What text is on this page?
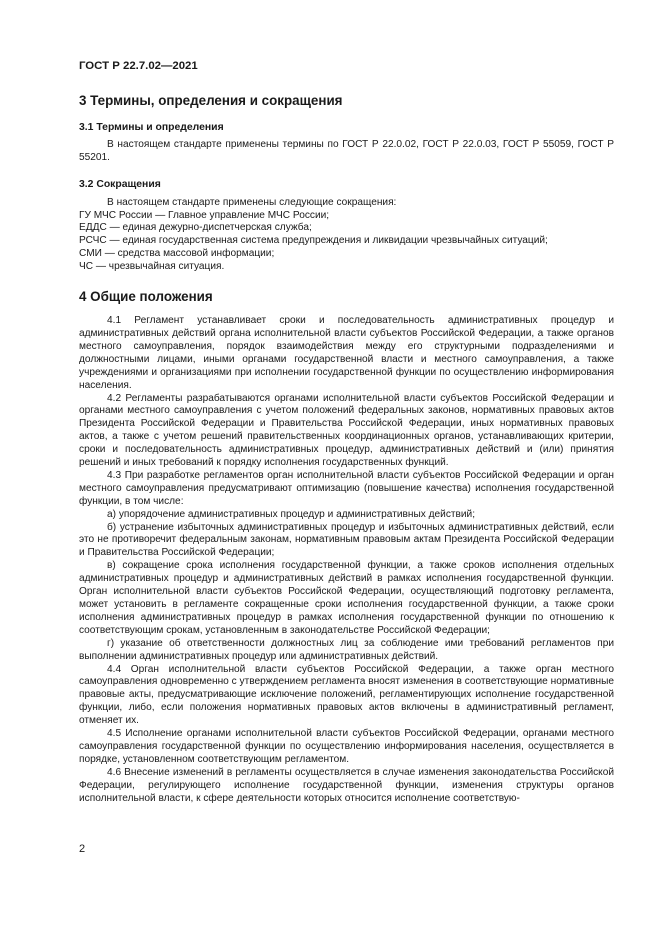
ГОСТ Р 22.7.02—2021

3 Термины, определения и сокращения

3.1 Термины и определения

В настоящем стандарте применены термины по ГОСТ Р 22.0.02, ГОСТ Р 22.0.03, ГОСТ Р 55059, ГОСТ Р 55201.

3.2 Сокращения

В настоящем стандарте применены следующие сокращения:

ГУ МЧС России — Главное управление МЧС России;

ЕДДС — единая дежурно-диспетчерская служба;

РСЧС — единая государственная система предупреждения и ликвидации чрезвычайных ситуаций;

СМИ — средства массовой информации;

ЧС — чрезвычайная ситуация.

4 Общие положения

4.1 Регламент устанавливает сроки и последовательность административных процедур и административных действий органа исполнительной власти субъектов Российской Федерации, а также органов местного самоуправления, порядок взаимодействия между его структурными подразделениями и должностными лицами, иными органами государственной власти и местного самоуправления, а также учреждениями и организациями при исполнении государственной функции по осуществлению информирования населения.

4.2 Регламенты разрабатываются органами исполнительной власти субъектов Российской Федерации и органами местного самоуправления с учетом положений федеральных законов, нормативных правовых актов Президента Российской Федерации и Правительства Российской Федерации, иных нормативных правовых актов, а также с учетом решений правительственных координационных органов, устанавливающих критерии, сроки и последовательность административных процедур, административных действий и (или) принятия решений и иных требований к порядку исполнения государственных функций.

4.3 При разработке регламентов орган исполнительной власти субъектов Российской Федерации и орган местного самоуправления предусматривают оптимизацию (повышение качества) исполнения государственной функции, в том числе:

а) упорядочение административных процедур и административных действий;

б) устранение избыточных административных процедур и избыточных административных действий, если это не противоречит федеральным законам, нормативным правовым актам Президента Российской Федерации и Правительства Российской Федерации;

в) сокращение срока исполнения государственной функции, а также сроков исполнения отдельных административных процедур и административных действий в рамках исполнения государственной функции. Орган исполнительной власти субъектов Российской Федерации, осуществляющий подготовку регламента, может установить в регламенте сокращенные сроки исполнения государственной функции, а также сроки исполнения административных процедур в рамках исполнения государственной функции по отношению к соответствующим срокам, установленным в законодательстве Российской Федерации;

г) указание об ответственности должностных лиц за соблюдение ими требований регламентов при выполнении административных процедур или административных действий.

4.4 Орган исполнительной власти субъектов Российской Федерации, а также орган местного самоуправления одновременно с утверждением регламента вносят изменения в соответствующие нормативные правовые акты, предусматривающие исключение положений, регламентирующих исполнение государственной функции, либо, если положения нормативных правовых актов включены в административный регламент, отменяет их.

4.5 Исполнение органами исполнительной власти субъектов Российской Федерации, органами местного самоуправления государственной функции по осуществлению информирования населения, осуществляется в порядке, установленном соответствующим регламентом.

4.6 Внесение изменений в регламенты осуществляется в случае изменения законодательства Российской Федерации, регулирующего исполнение государственной функции, изменения структуры органов исполнительной власти, к сфере деятельности которых относится исполнение соответствую-

2
